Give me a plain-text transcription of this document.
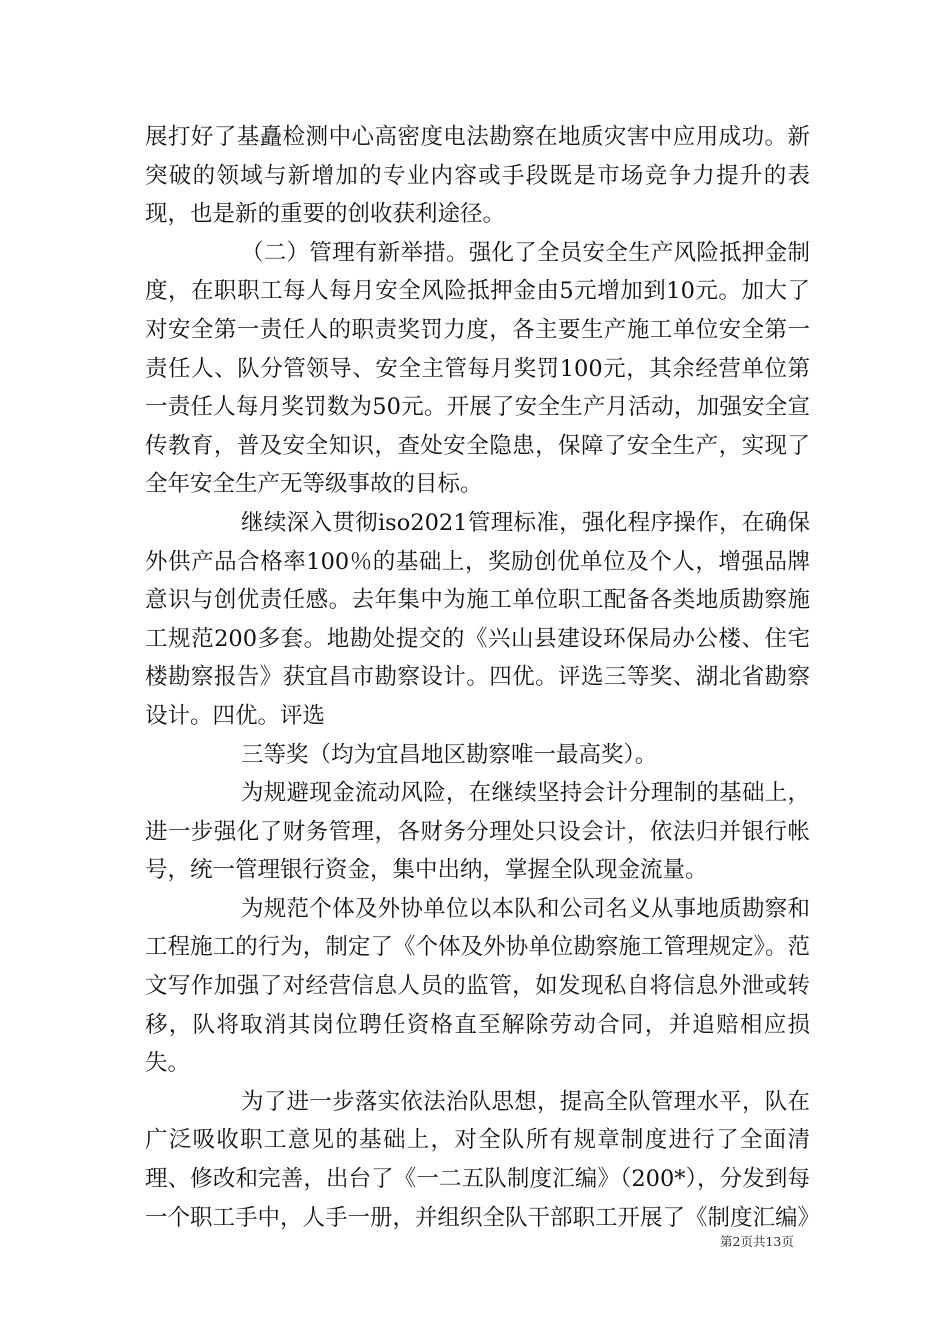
展打好了基矗检测中心高密度电法勘察在地质灾害中应用成功。新突破的领域与新增加的专业内容或手段既是市场竞争力提升的表现，也是新的重要的创收获利途径。

（二）管理有新举措。强化了全员安全生产风险抵押金制度，在职职工每人每月安全风险抵押金由5元增加到10元。加大了对安全第一责任人的职责奖罚力度，各主要生产施工单位安全第一责任人、队分管领导、安全主管每月奖罚100元，其余经营单位第一责任人每月奖罚数为50元。开展了安全生产月活动，加强安全宣传教育，普及安全知识，查处安全隐患，保障了安全生产，实现了全年安全生产无等级事故的目标。

继续深入贯彻iso2021管理标准，强化程序操作，在确保外供产品合格率100％的基础上，奖励创优单位及个人，增强品牌意识与创优责任感。去年集中为施工单位职工配备各类地质勘察施工规范200多套。地勘处提交的《兴山县建设环保局办公楼、住宅楼勘察报告》获宜昌市勘察设计。四优。评选三等奖、湖北省勘察设计。四优。评选

三等奖（均为宜昌地区勘察唯一最高奖）。

为规避现金流动风险，在继续坚持会计分理制的基础上，进一步强化了财务管理，各财务分理处只设会计，依法归并银行帐号，统一管理银行资金，集中出纳，掌握全队现金流量。

为规范个体及外协单位以本队和公司名义从事地质勘察和工程施工的行为，制定了《个体及外协单位勘察施工管理规定》。范文写作加强了对经营信息人员的监管，如发现私自将信息外泄或转移，队将取消其岗位聘任资格直至解除劳动合同，并追赔相应损失。

为了进一步落实依法治队思想，提高全队管理水平，队在广泛吸收职工意见的基础上，对全队所有规章制度进行了全面清理、修改和完善，出台了《一二五队制度汇编》（200*），分发到每一个职工手中，人手一册，并组织全队干部职工开展了《制度汇编》

第2页共13页
